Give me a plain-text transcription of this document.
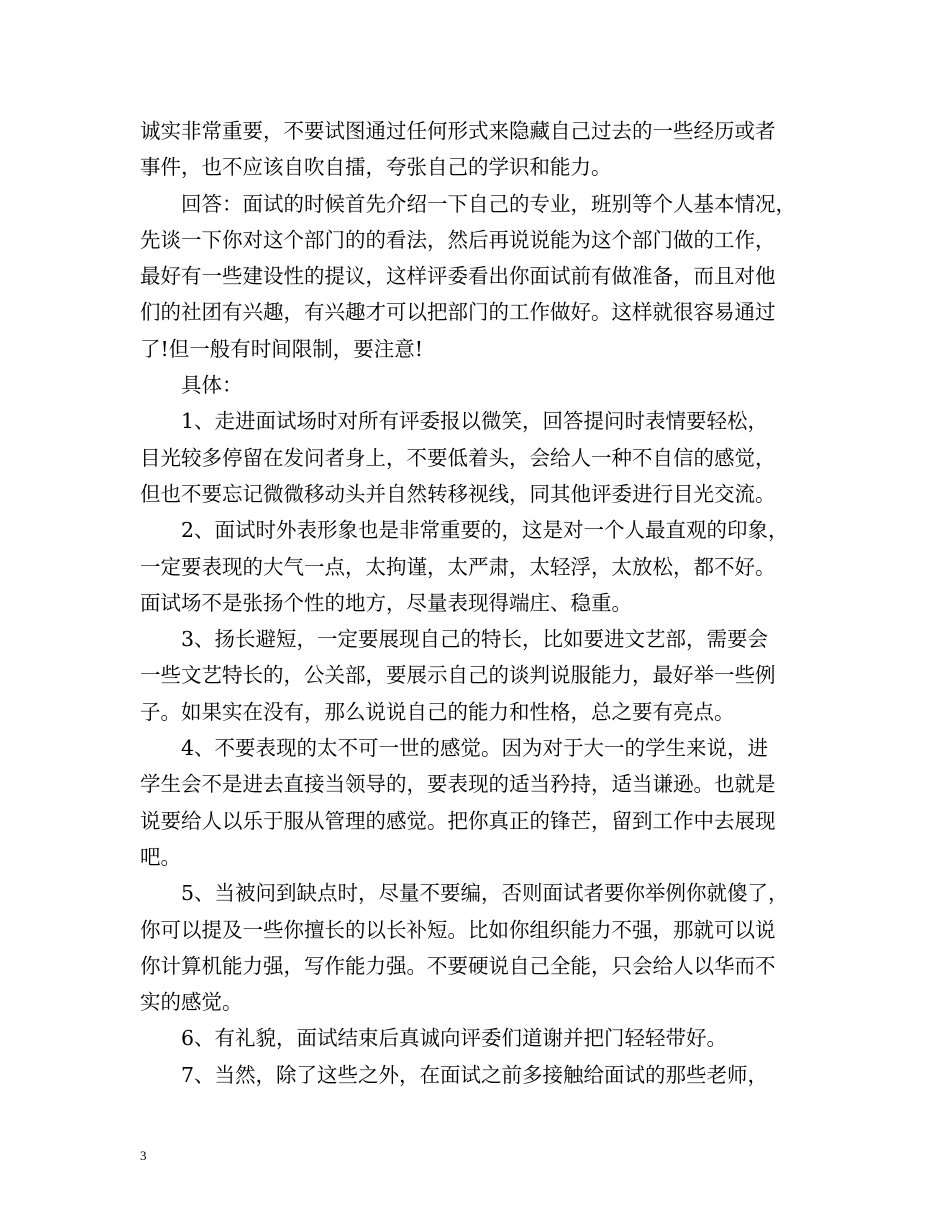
诚实非常重要，不要试图通过任何形式来隐藏自己过去的一些经历或者
事件，也不应该自吹自擂，夸张自己的学识和能力。
回答：面试的时候首先介绍一下自己的专业，班别等个人基本情况，
先谈一下你对这个部门的的看法，然后再说说能为这个部门做的工作，
最好有一些建设性的提议，这样评委看出你面试前有做准备，而且对他
们的社团有兴趣，有兴趣才可以把部门的工作做好。这样就很容易通过
了!但一般有时间限制，要注意!
具体：
1、走进面试场时对所有评委报以微笑，回答提问时表情要轻松，
目光较多停留在发问者身上，不要低着头，会给人一种不自信的感觉，
但也不要忘记微微移动头并自然转移视线，同其他评委进行目光交流。
2、面试时外表形象也是非常重要的，这是对一个人最直观的印象，
一定要表现的大气一点，太拘谨，太严肃，太轻浮，太放松，都不好。
面试场不是张扬个性的地方，尽量表现得端庄、稳重。
3、扬长避短，一定要展现自己的特长，比如要进文艺部，需要会
一些文艺特长的，公关部，要展示自己的谈判说服能力，最好举一些例
子。如果实在没有，那么说说自己的能力和性格，总之要有亮点。
4、不要表现的太不可一世的感觉。因为对于大一的学生来说，进
学生会不是进去直接当领导的，要表现的适当矜持，适当谦逊。也就是
说要给人以乐于服从管理的感觉。把你真正的锋芒，留到工作中去展现
吧。
5、当被问到缺点时，尽量不要编，否则面试者要你举例你就傻了，
你可以提及一些你擅长的以长补短。比如你组织能力不强，那就可以说
你计算机能力强，写作能力强。不要硬说自己全能，只会给人以华而不
实的感觉。
6、有礼貌，面试结束后真诚向评委们道谢并把门轻轻带好。
7、当然，除了这些之外，在面试之前多接触给面试的那些老师，
3
